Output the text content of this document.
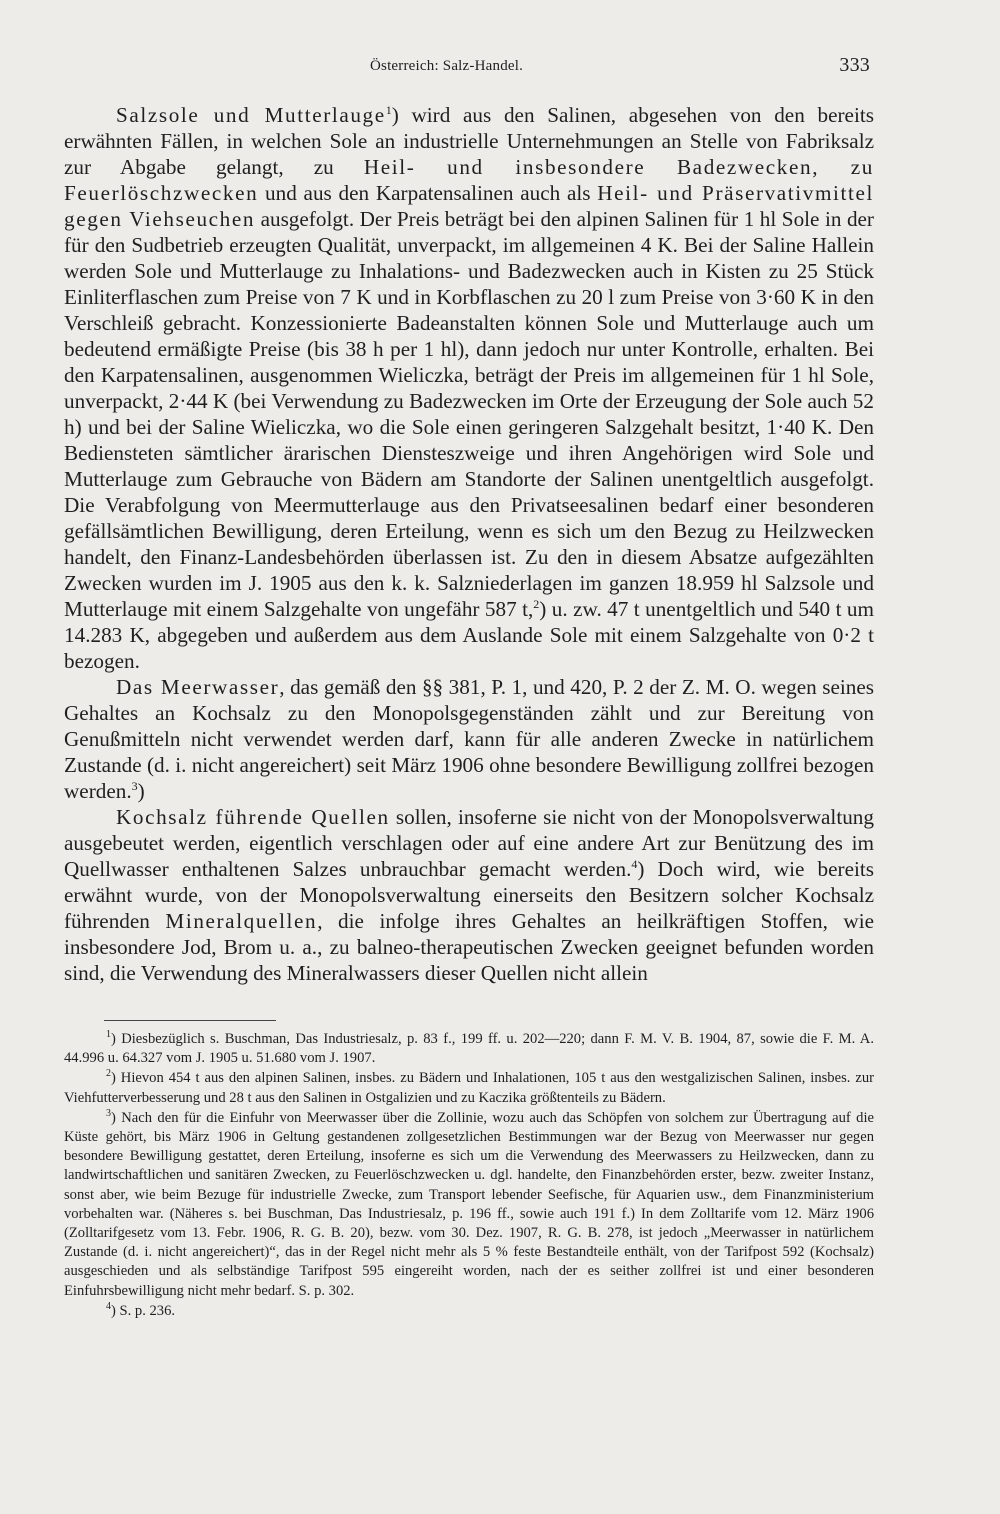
Österreich: Salz-Handel.	333

Salzsole und Mutterlauge$^1$) wird aus den Salinen, abgesehen von den bereits erwähnten Fällen, in welchen Sole an industrielle Unternehmungen an Stelle von Fabriksalz zur Abgabe gelangt, zu Heil- und insbesondere Badezwecken, zu Feuerlöschzwecken und aus den Karpatensalinen auch als Heil- und Präservativmittel gegen Viehseuchen ausgefolgt. Der Preis beträgt bei den alpinen Salinen für 1 hl Sole in der für den Sudbetrieb erzeugten Qualität, unverpackt, im allgemeinen 4 K. Bei der Saline Hallein werden Sole und Mutterlauge zu Inhalations- und Badezwecken auch in Kisten zu 25 Stück Einliterflaschen zum Preise von 7 K und in Korbflaschen zu 20 l zum Preise von 3·60 K in den Verschleiß gebracht. Konzessionierte Badeanstalten können Sole und Mutterlauge auch um bedeutend ermäßigte Preise (bis 38 h per 1 hl), dann jedoch nur unter Kontrolle, erhalten. Bei den Karpatensalinen, ausgenommen Wieliczka, beträgt der Preis im allgemeinen für 1 hl Sole, unverpackt, 2·44 K (bei Verwendung zu Badezwecken im Orte der Erzeugung der Sole auch 52 h) und bei der Saline Wieliczka, wo die Sole einen geringeren Salzgehalt besitzt, 1·40 K. Den Bediensteten sämtlicher ärarischen Diensteszweige und ihren Angehörigen wird Sole und Mutterlauge zum Gebrauche von Bädern am Standorte der Salinen unentgeltlich ausgefolgt. Die Verabfolgung von Meermutterlauge aus den Privatseesalinen bedarf einer besonderen gefällsämtlichen Bewilligung, deren Erteilung, wenn es sich um den Bezug zu Heilzwecken handelt, den Finanz-Landesbehörden überlassen ist. Zu den in diesem Absatze aufgezählten Zwecken wurden im J. 1905 aus den k. k. Salzniederlagen im ganzen 18.959 hl Salzsole und Mutterlauge mit einem Salzgehalte von ungefähr 587 t,$^2$) u. zw. 47 t unentgeltlich und 540 t um 14.283 K, abgegeben und außerdem aus dem Auslande Sole mit einem Salzgehalte von 0·2 t bezogen.

Das Meerwasser, das gemäß den §§ 381, P. 1, und 420, P. 2 der Z. M. O. wegen seines Gehaltes an Kochsalz zu den Monopolsgegenständen zählt und zur Bereitung von Genußmitteln nicht verwendet werden darf, kann für alle anderen Zwecke in natürlichem Zustande (d. i. nicht angereichert) seit März 1906 ohne besondere Bewilligung zollfrei bezogen werden.$^3$)

Kochsalz führende Quellen sollen, insoferne sie nicht von der Monopolsverwaltung ausgebeutet werden, eigentlich verschlagen oder auf eine andere Art zur Benützung des im Quellwasser enthaltenen Salzes unbrauchbar gemacht werden.$^4$) Doch wird, wie bereits erwähnt wurde, von der Monopolsverwaltung einerseits den Besitzern solcher Kochsalz führenden Mineralquellen, die infolge ihres Gehaltes an heilkräftigen Stoffen, wie insbesondere Jod, Brom u. a., zu balneo-therapeutischen Zwecken geeignet befunden worden sind, die Verwendung des Mineralwassers dieser Quellen nicht allein

$^1$) Diesbezüglich s. Buschman, Das Industriesalz, p. 83 f., 199 ff. u. 202—220; dann F. M. V. B. 1904, 87, sowie die F. M. A. 44.996 u. 64.327 vom J. 1905 u. 51.680 vom J. 1907.

$^2$) Hievon 454 t aus den alpinen Salinen, insbes. zu Bädern und Inhalationen, 105 t aus den westgalizischen Salinen, insbes. zur Viehfutterverbesserung und 28 t aus den Salinen in Ostgalizien und zu Kaczika größtenteils zu Bädern.

$^3$) Nach den für die Einfuhr von Meerwasser über die Zollinie, wozu auch das Schöpfen von solchem zur Übertragung auf die Küste gehört, bis März 1906 in Geltung gestandenen zollgesetzlichen Bestimmungen war der Bezug von Meerwasser nur gegen besondere Bewilligung gestattet, deren Erteilung, insoferne es sich um die Verwendung des Meerwassers zu Heilzwecken, dann zu landwirtschaftlichen und sanitären Zwecken, zu Feuerlöschzwecken u. dgl. handelte, den Finanzbehörden erster, bezw. zweiter Instanz, sonst aber, wie beim Bezuge für industrielle Zwecke, zum Transport lebender Seefische, für Aquarien usw., dem Finanzministerium vorbehalten war. (Näheres s. bei Buschman, Das Industriesalz, p. 196 ff., sowie auch 191 f.) In dem Zolltarife vom 12. März 1906 (Zolltarifgesetz vom 13. Febr. 1906, R. G. B. 20), bezw. vom 30. Dez. 1907, R. G. B. 278, ist jedoch „Meerwasser in natürlichem Zustande (d. i. nicht angereichert)“, das in der Regel nicht mehr als 5 % feste Bestandteile enthält, von der Tarifpost 592 (Kochsalz) ausgeschieden und als selbständige Tarifpost 595 eingereiht worden, nach der es seither zollfrei ist und einer besonderen Einfuhrsbewilligung nicht mehr bedarf. S. p. 302.

$^4$) S. p. 236.
